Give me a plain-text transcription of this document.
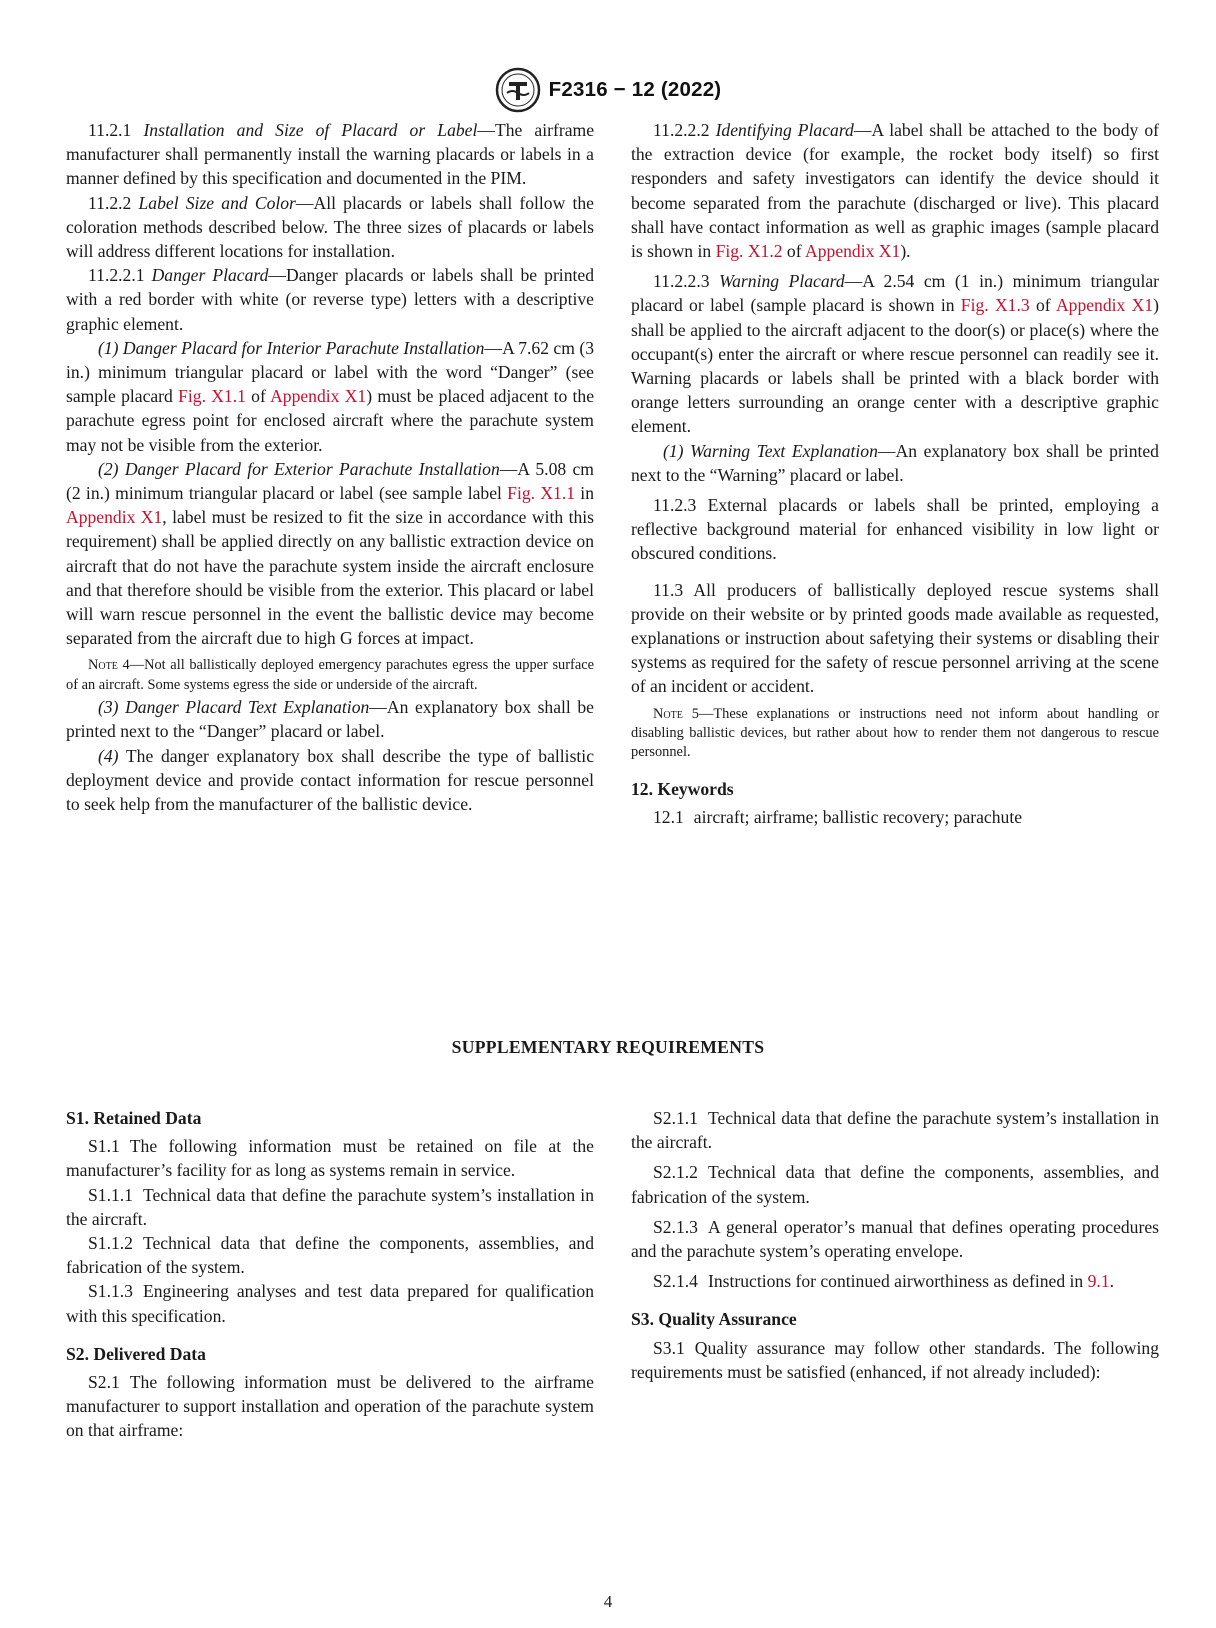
F2316 − 12 (2022)

11.2.1 Installation and Size of Placard or Label—The airframe manufacturer shall permanently install the warning placards or labels in a manner defined by this specification and documented in the PIM.

11.2.2 Label Size and Color—All placards or labels shall follow the coloration methods described below. The three sizes of placards or labels will address different locations for installation.

11.2.2.1 Danger Placard—Danger placards or labels shall be printed with a red border with white (or reverse type) letters with a descriptive graphic element.

(1) Danger Placard for Interior Parachute Installation—A 7.62 cm (3 in.) minimum triangular placard or label with the word “Danger” (see sample placard Fig. X1.1 of Appendix X1) must be placed adjacent to the parachute egress point for enclosed aircraft where the parachute system may not be visible from the exterior.

(2) Danger Placard for Exterior Parachute Installation—A 5.08 cm (2 in.) minimum triangular placard or label (see sample label Fig. X1.1 in Appendix X1, label must be resized to fit the size in accordance with this requirement) shall be applied directly on any ballistic extraction device on aircraft that do not have the parachute system inside the aircraft enclosure and that therefore should be visible from the exterior. This placard or label will warn rescue personnel in the event the ballistic device may become separated from the aircraft due to high G forces at impact.

Note 4—Not all ballistically deployed emergency parachutes egress the upper surface of an aircraft. Some systems egress the side or underside of the aircraft.

(3) Danger Placard Text Explanation—An explanatory box shall be printed next to the “Danger” placard or label.

(4) The danger explanatory box shall describe the type of ballistic deployment device and provide contact information for rescue personnel to seek help from the manufacturer of the ballistic device.

11.2.2.2 Identifying Placard—A label shall be attached to the body of the extraction device (for example, the rocket body itself) so first responders and safety investigators can identify the device should it become separated from the parachute (discharged or live). This placard shall have contact information as well as graphic images (sample placard is shown in Fig. X1.2 of Appendix X1).

11.2.2.3 Warning Placard—A 2.54 cm (1 in.) minimum triangular placard or label (sample placard is shown in Fig. X1.3 of Appendix X1) shall be applied to the aircraft adjacent to the door(s) or place(s) where the occupant(s) enter the aircraft or where rescue personnel can readily see it. Warning placards or labels shall be printed with a black border with orange letters surrounding an orange center with a descriptive graphic element.

(1) Warning Text Explanation—An explanatory box shall be printed next to the “Warning” placard or label.

11.2.3 External placards or labels shall be printed, employing a reflective background material for enhanced visibility in low light or obscured conditions.

11.3 All producers of ballistically deployed rescue systems shall provide on their website or by printed goods made available as requested, explanations or instruction about safetying their systems or disabling their systems as required for the safety of rescue personnel arriving at the scene of an incident or accident.

Note 5—These explanations or instructions need not inform about handling or disabling ballistic devices, but rather about how to render them not dangerous to rescue personnel.

12. Keywords

12.1 aircraft; airframe; ballistic recovery; parachute

SUPPLEMENTARY REQUIREMENTS

S1. Retained Data

S1.1 The following information must be retained on file at the manufacturer’s facility for as long as systems remain in service.

S1.1.1 Technical data that define the parachute system’s installation in the aircraft.

S1.1.2 Technical data that define the components, assemblies, and fabrication of the system.

S1.1.3 Engineering analyses and test data prepared for qualification with this specification.

S2. Delivered Data

S2.1 The following information must be delivered to the airframe manufacturer to support installation and operation of the parachute system on that airframe:

S2.1.1 Technical data that define the parachute system’s installation in the aircraft.

S2.1.2 Technical data that define the components, assemblies, and fabrication of the system.

S2.1.3 A general operator’s manual that defines operating procedures and the parachute system’s operating envelope.

S2.1.4 Instructions for continued airworthiness as defined in 9.1.

S3. Quality Assurance

S3.1 Quality assurance may follow other standards. The following requirements must be satisfied (enhanced, if not already included):

4
